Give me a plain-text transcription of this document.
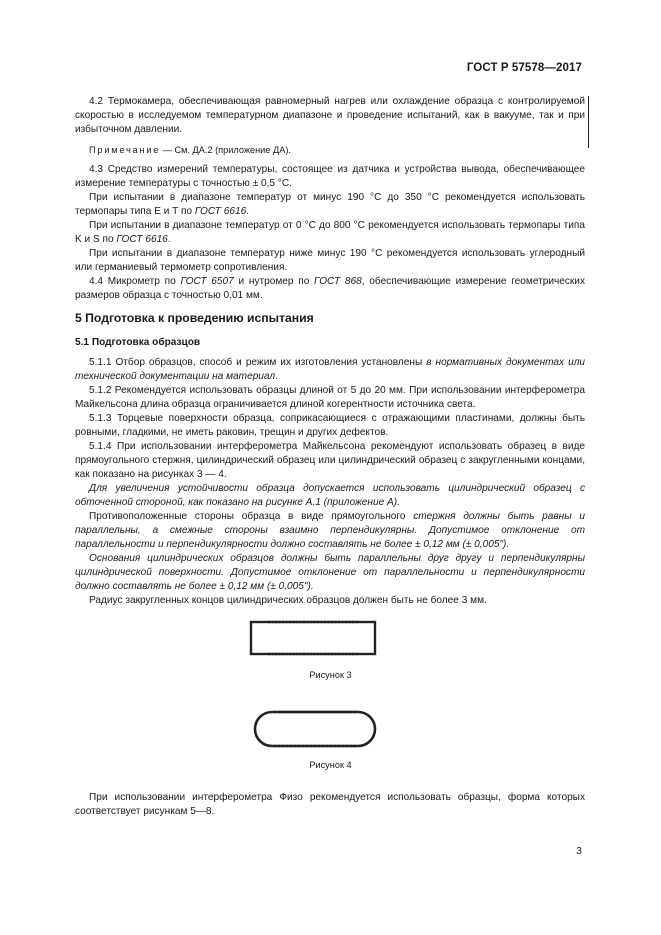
ГОСТ Р 57578—2017

4.2 Термокамера, обеспечивающая равномерный нагрев или охлаждение образца с контролируемой скоростью в исследуемом температурном диапазоне и проведение испытаний, как в вакууме, так и при избыточном давлении.

Примечание — См. ДА.2 (приложение ДА).

4.3 Средство измерений температуры, состоящее из датчика и устройства вывода, обеспечивающее измерение температуры с точностью ± 0,5 °С.

При испытании в диапазоне температур от минус 190 °С до 350 °С рекомендуется использовать термопары типа E и T по ГОСТ 6616.

При испытании в диапазоне температур от 0 °С до 800 °С рекомендуется использовать термопары типа K и S по ГОСТ 6616.

При испытании в диапазоне температур ниже минус 190 °С рекомендуется использовать углеродный или германиевый термометр сопротивления.

4.4 Микрометр по ГОСТ 6507 и нутромер по ГОСТ 868, обеспечивающие измерение геометрических размеров образца с точностью 0,01 мм.

5 Подготовка к проведению испытания
5.1 Подготовка образцов

5.1.1 Отбор образцов, способ и режим их изготовления установлены в нормативных документах или технической документации на материал.

5.1.2 Рекомендуется использовать образцы длиной от 5 до 20 мм. При использовании интерферометра Майкельсона длина образца ограничивается длиной когерентности источника света.

5.1.3 Торцевые поверхности образца, соприкасающиеся с отражающими пластинами, должны быть ровными, гладкими, не иметь раковин, трещин и других дефектов.

5.1.4 При использовании интерферометра Майкельсона рекомендуют использовать образец в виде прямоугольного стержня, цилиндрический образец или цилиндрический образец с закругленными концами, как показано на рисунках 3 — 4.

Для увеличения устойчивости образца допускается использовать цилиндрический образец с обточенной стороной, как показано на рисунке А.1 (приложение А).

Противоположенные стороны образца в виде прямоугольного стержня должны быть равны и параллельны, а смежные стороны взаимно перпендикулярны. Допустимое отклонение от параллельности и перпендикулярности должно составлять не более ± 0,12 мм (± 0,005").

Основания цилиндрических образцов должны быть параллельны друг другу и перпендикулярны цилиндрической поверхности. Допустимое отклонение от параллельности и перпендикулярности должно составлять не более ± 0,12 мм (± 0,005").

Радиус закругленных концов цилиндрических образцов должен быть не более 3 мм.

Рисунок 3
Рисунок 4

При использовании интерферометра Физо рекомендуется использовать образцы, форма которых соответствует рисункам 5—8.

3
